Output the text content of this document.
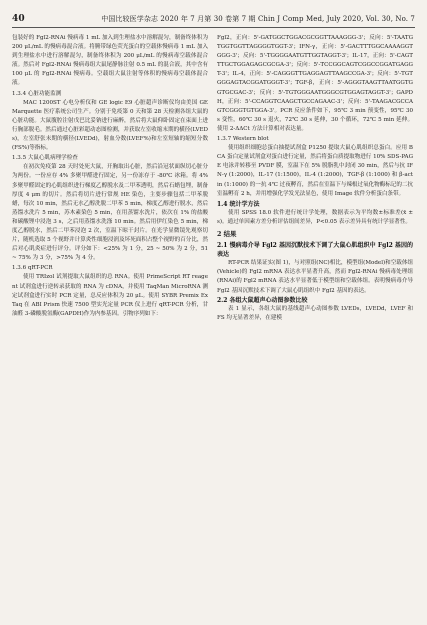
40	中国比较医学杂志 2020 年 7 月第 30 卷第 7 期 Chin J Comp Med, July 2020, Vol. 30, No. 7

包装好的 Fgl2-RNAi 慢病毒 1 mL 加入到生理盐水中溶解混匀，制备终体积为 200 μL/mL 的慢病毒混合液。将腾带绿色荧光蛋白的空载体慢病毒 1 mL 加入到生理盐水中进行溶解混匀，制备终体积为 200 μL/mL 的慢病毒空载体混合液。然后对 Fgl2-RNAi 慢病毒组大鼠尾静脉注射 0.5 mL 的混合液，其中含有 100 μL 的 Fgl2-RNAi 慢病毒。空载组大鼠注射等体积的慢病毒空载体混合液。

1.3.4 心脏功能监测

MAC 1200ST 心电分析仪和 GE logic E9 心脏超声诊断仪均由美国 GE Marquette 医疗系统公司生产。分别于免疫第 0 天和第 28 天检测各组大鼠的心脏功能。大鼠腹腔注射戊巴比妥钠进行麻醉，然后将大鼠仰卧固定在束面上进行胸部脱毛。然后通过心脏彩超动态图检测，并获取左室收缩末期的横径(LVEDs)，左室舒张末期的横径(LVEDd)，射血分数(LVEF%)和左室短轴的缩短分数(FS%)等指标。

1.3.5 大鼠心肌病理学检查

在初次免疫第 28 天时处死大鼠，开胸取出心脏，然后沿冠状面纵切心脏分为两份。一份应存 4% 多聚甲醛进行固定，另一份冻存于 -80℃ 冰箱。将 4% 多聚甲醛固定的心肌组织进行梯度乙醇脱水及二甲苯透明，然后石蜡包埋，制备厚度 4 μm 的切片。然后将切片进行常规 HE 染色，主要步骤包括二甲苯脱蜡，每次 10 min，然后无水乙醇洗脱二甲苯 5 min，梯度乙醇进行脱水，然后蒸馏水洗片 5 min，苏木素染色 5 min，在用蒸馏水洗片，依次在 1% 的盐酸和碳酸锂中浸泡 3 s，之后用蒸馏水洗涤 10 min。然后用伊红染色 5 min，梯度乙醇脱水，然后二甲苯浸泡 2 次，室温下晾干封片。在光学显微镜先观察切片，随机选取 5 个视野并计算炎性细胞浸润及坏死面积占整个视野的百分比，然后对心肌炎症进行评分。评分如下：<25% 为 1 分，25 ~ 50% 为 2 分，51 ~ 75% 为 3 分，>75% 为 4 分。

1.3.6 qRT-PCR

使用 TRIzol 试剂提取大鼠组织的总 RNA。使用 PrimeScript RT reagent 试剂盒进行逆转录获取的 RNA 为 cDNA，并使用 TaqMan MicroRNA 测定试剂盒进行实时 PCR 定量，总反应体积为 20 μL。使用 SYBR Premix Ex Taq 在 ABI Prism 快速 7500 型实光定量 PCR 仪上进行 qRT-PCR 分析，甘油醛 3-磷酸脱氢酶(GAPDH)作为内参基因。引物序列如下：

Fgl2，正向：5'-GATGGCTGGACGCGGTTAAAGGG-3'；反向：5'-TAATGTGGTGGTTAGGGGTGGT-3'；IFN-γ，正向：5'-GACTTTGGCAAAAGGTGGG-3'；反向：5'-TGGGGAATGTTGGTAGGT-3'；IL-17，正向：5'-CAGTTTGCTGGAGAGCGCGA-3'；反向：5'-TCCGGCAGTCGGCCGGATGAGGT-3'；IL-4，正向：5'-CAGGGTTGAGGAGTTAAGCCGA-3'；反向：5'-TGTGGGAGTACGGATGGGT-3'；TGF-β，正向：5'-AGGGTAAGTTAATGGTGGTGCGAC-3'；反向：5'-TGTGGGAATGGGCGTGGAGTAGGT-3'；GAPDH，正向：5'-CCAGGTCAAGCTGCCAGAAC-3'；反向：5'-TAAGACGCCAGTCGGGTGTGGA-3'。PCR 反应条件如下，95℃ 3 min 预变性，95℃ 30 s 变性，60℃ 30 s 退火，72℃ 30 s 延伸，30 个循环，72℃ 5 min 延伸。使用 2-ΔΔCt 方法计算相对表达量。

1.3.7 Western blot

使用组织细胞总蛋白抽提试剂盒 P1250 提取大鼠心肌组织总蛋白。应用 BCA 蛋白定量试剂盒对蛋白进行定量，然后将蛋白质提取物进行 10% SDS-PAGE 电泳并转移至 PVDF 膜，室温下在 5% 脱脂乳中封闭 30 min，然后与抗 IFN-γ (1:2000)，IL-17 (1:1500)，IL-4 (1:2000)，TGF-β (1:1000) 和 β-actin (1:1000) 的一抗 4℃ 过夜孵育，然后在室温下与辣根过氧化物酶标记的二抗室温孵育 2 h，并用增强化学发光法显色，使用 Image 软件分析蛋白条带。

1.4 统计学方法

使用 SPSS 18.0 软件进行统计学处理，数据表示为平均数±标准差(x̄ ± s)。通过单因素方差分析评估组间差异，P<0.05 表示差异具有统计学显著性。

2 结果

2.1 慢病毒介导 Fgl2 基因沉默技术下调了大鼠心肌组织中 Fgl2 基因的表达

RT-PCR 结果证实(图 1)，与对照组(NC)相比，模型组(Model)和空载体组(Vehicle)的 Fgl2 mRNA 表达水平显著升高，然而 Fgl2-RNAi 慢病毒处理组(RNAi)的 Fgl2 mRNA 表达水平显著低于模型组和空载体组。表明慢病毒介导 Fgl2 基因沉默技术下调了大鼠心肌组织中 Fgl2 基因的表达。

2.2 各组大鼠超声心动图参数比较

表 1 显示，各组大鼠的基线超声心动图参数 LVEDs，LVEDd，LVEF 和 FS 均无显著差异，在建模
